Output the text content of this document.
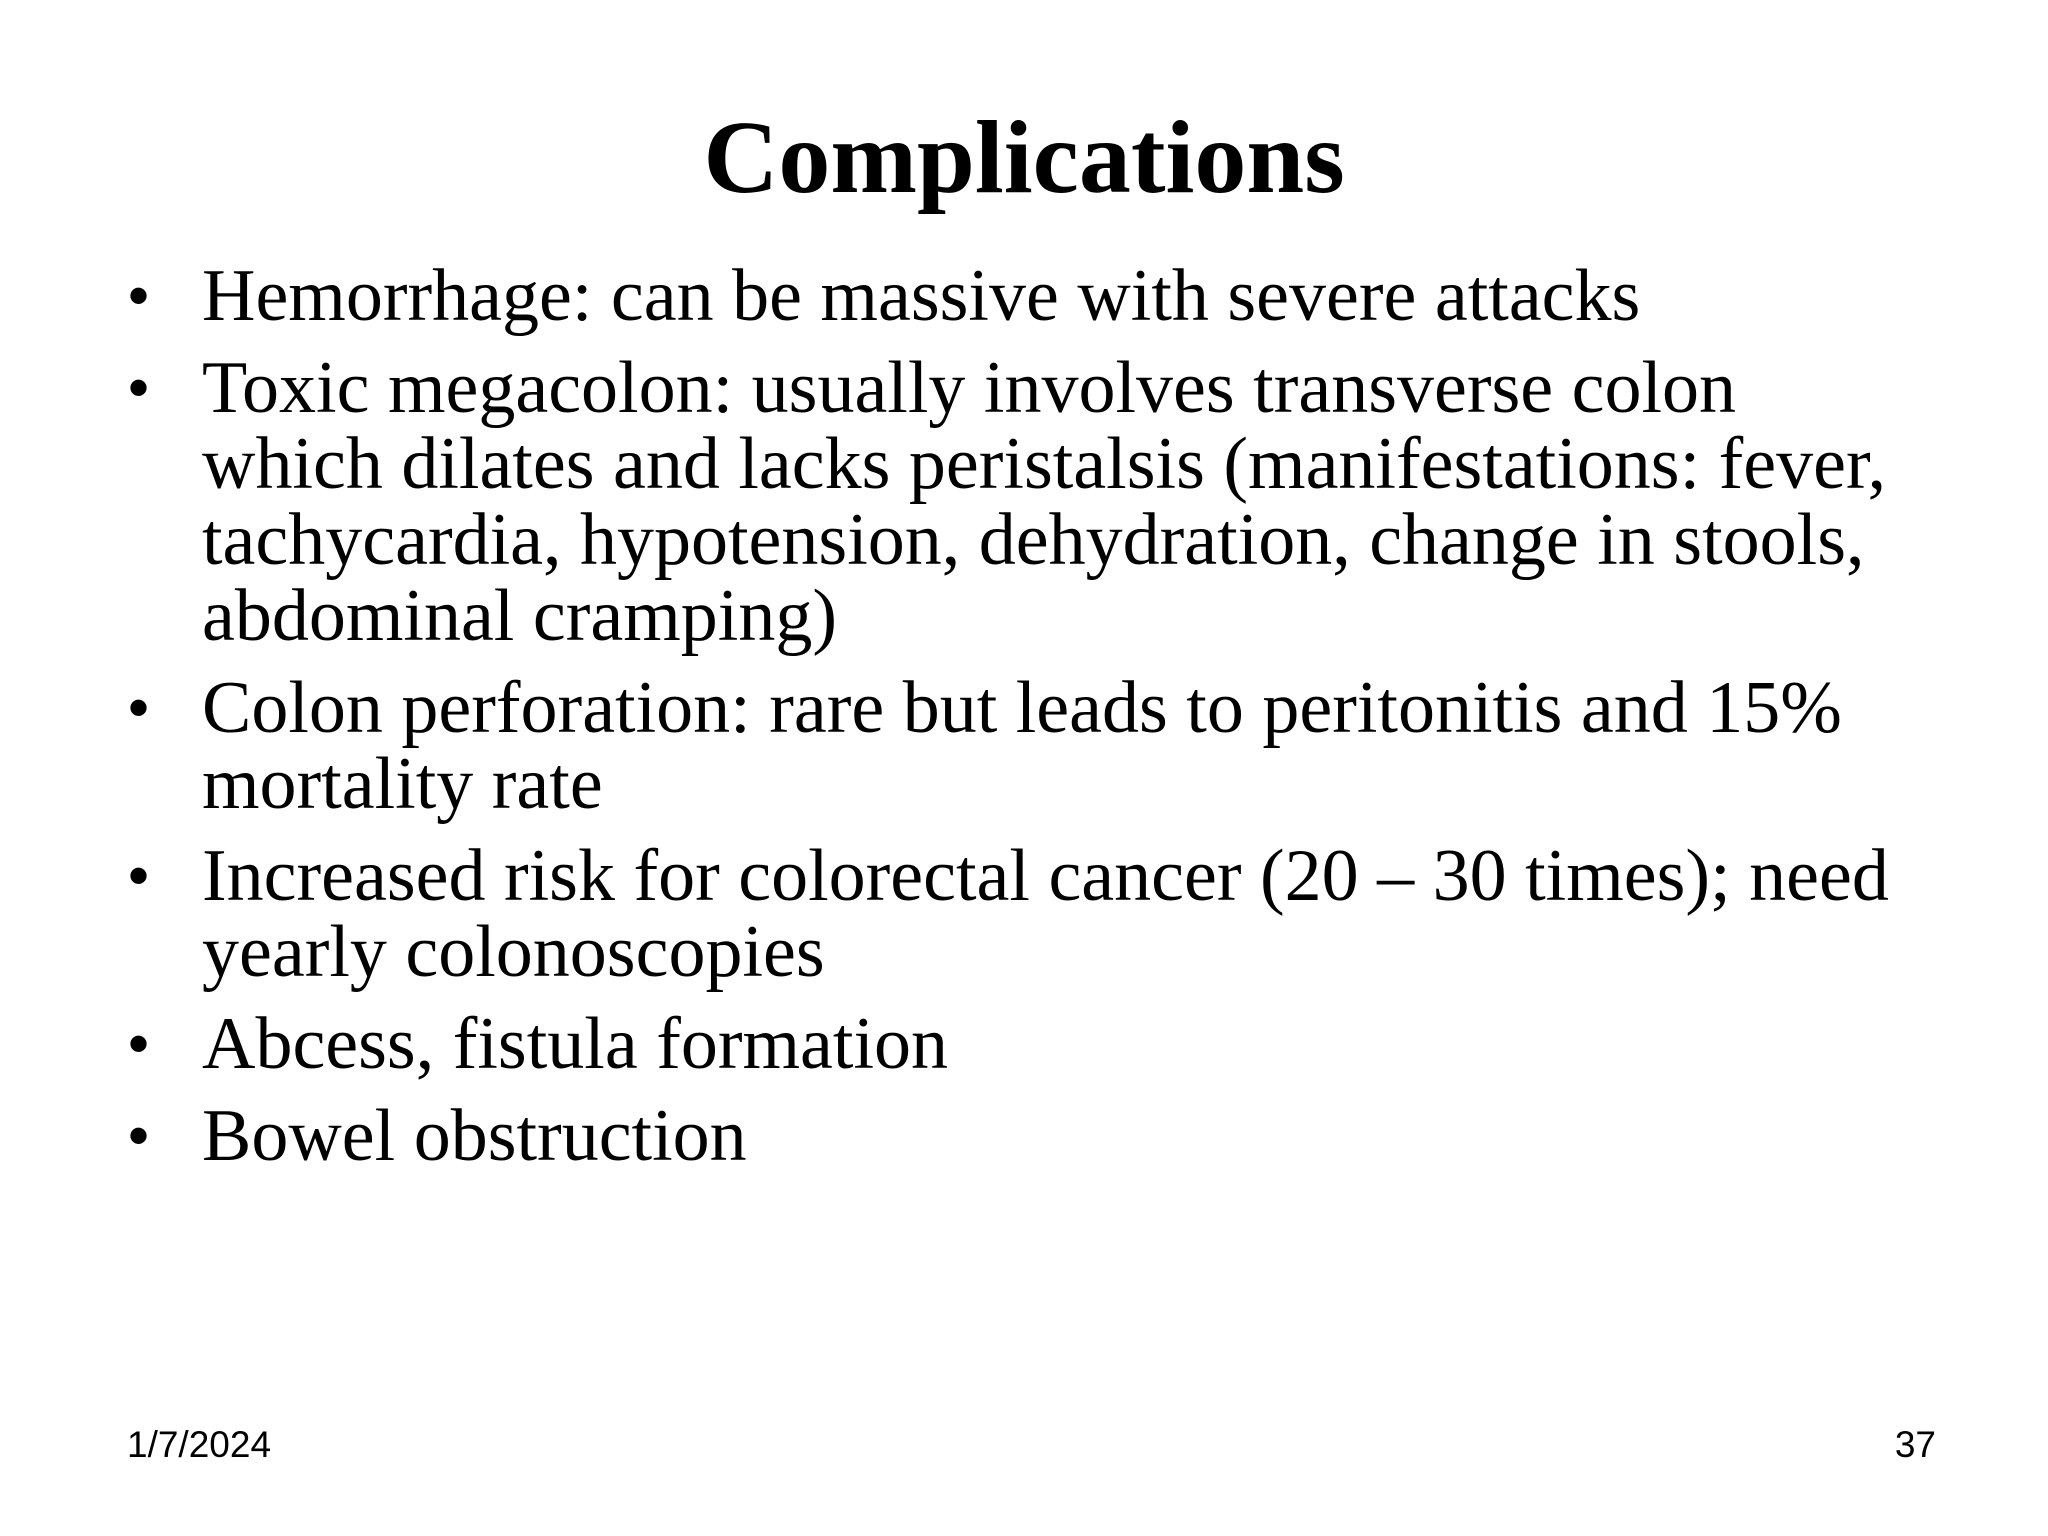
Complications
• Hemorrhage: can be massive with severe attacks
• Toxic megacolon: usually involves transverse colon which dilates and lacks peristalsis (manifestations: fever, tachycardia, hypotension, dehydration, change in stools, abdominal cramping)
• Colon perforation: rare but leads to peritonitis and 15% mortality rate
• Increased risk for colorectal cancer (20 – 30 times); need yearly colonoscopies
• Abcess, fistula formation
• Bowel obstruction
1/7/2024	37
